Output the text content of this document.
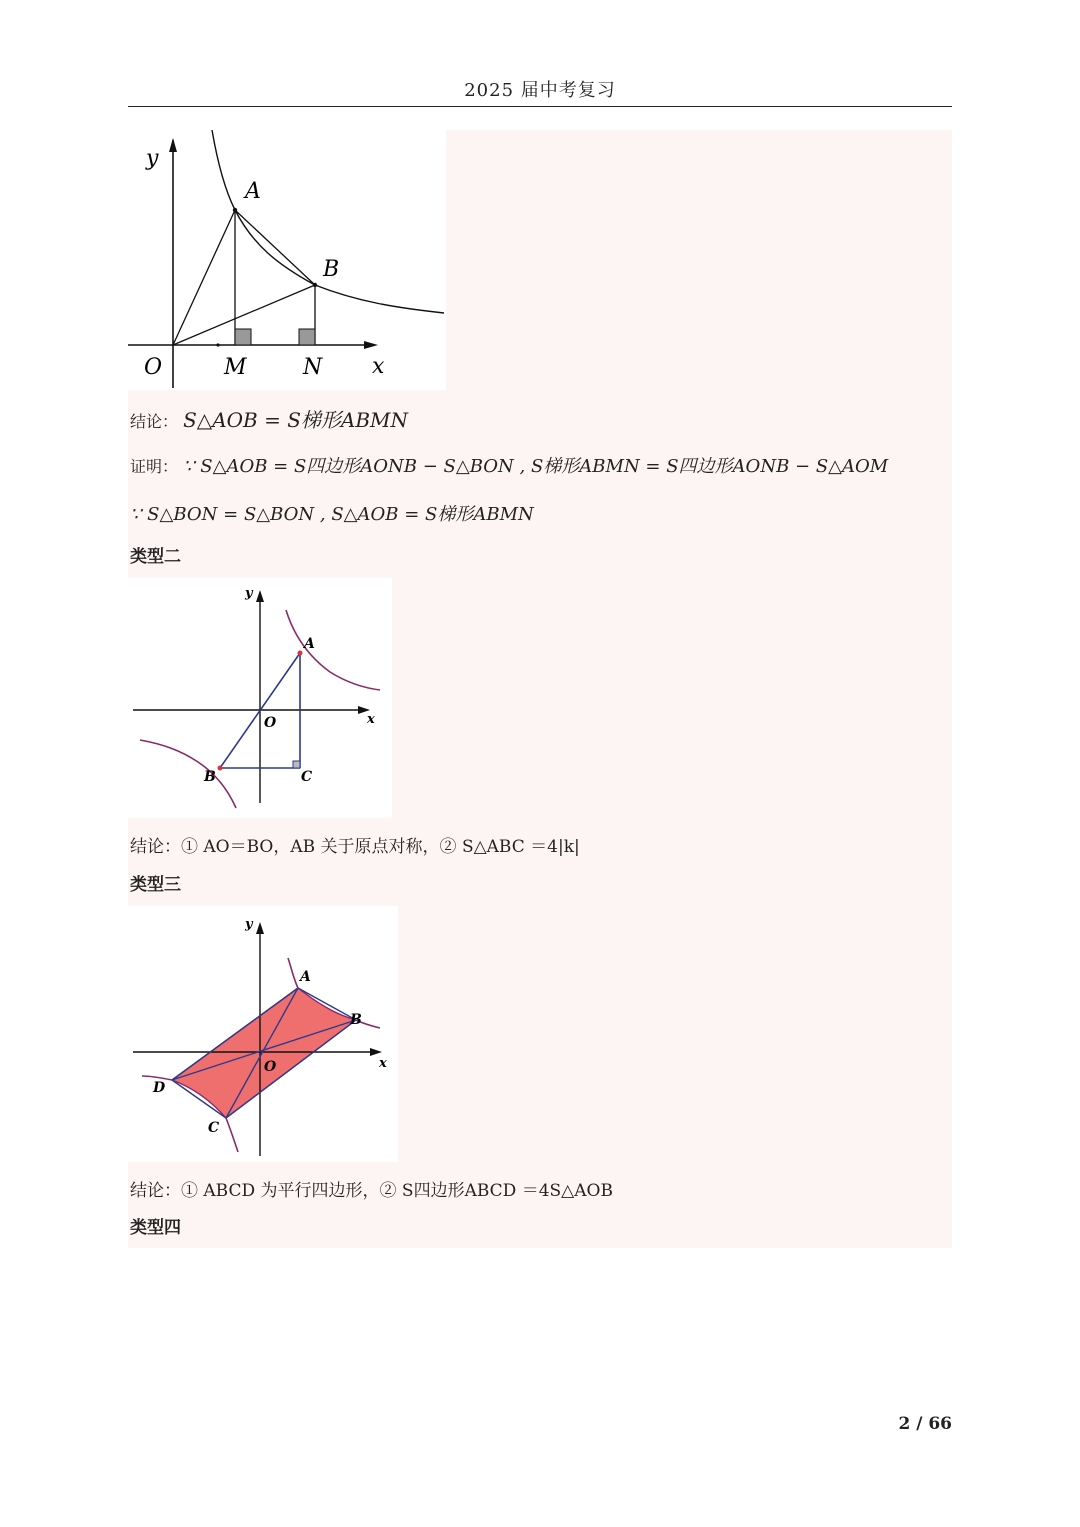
2025 届中考复习
y
x
O	M	N
A
B
结论： S△AOB = S梯形ABMN
证明： ∵ S△AOB = S四边形AONB − S△BON , S梯形ABMN = S四边形AONB − S△AOM
∵ S△BON = S△BON , S△AOB = S梯形ABMN
类型二
y
x
O
A
B	C
结论：① AO＝BO，AB 关于原点对称，② S△ABC ＝4|k|
类型三
y
x
O
A
B
C
D
结论：① ABCD 为平行四边形，② S四边形ABCD ＝4S△AOB
类型四
2 / 66
